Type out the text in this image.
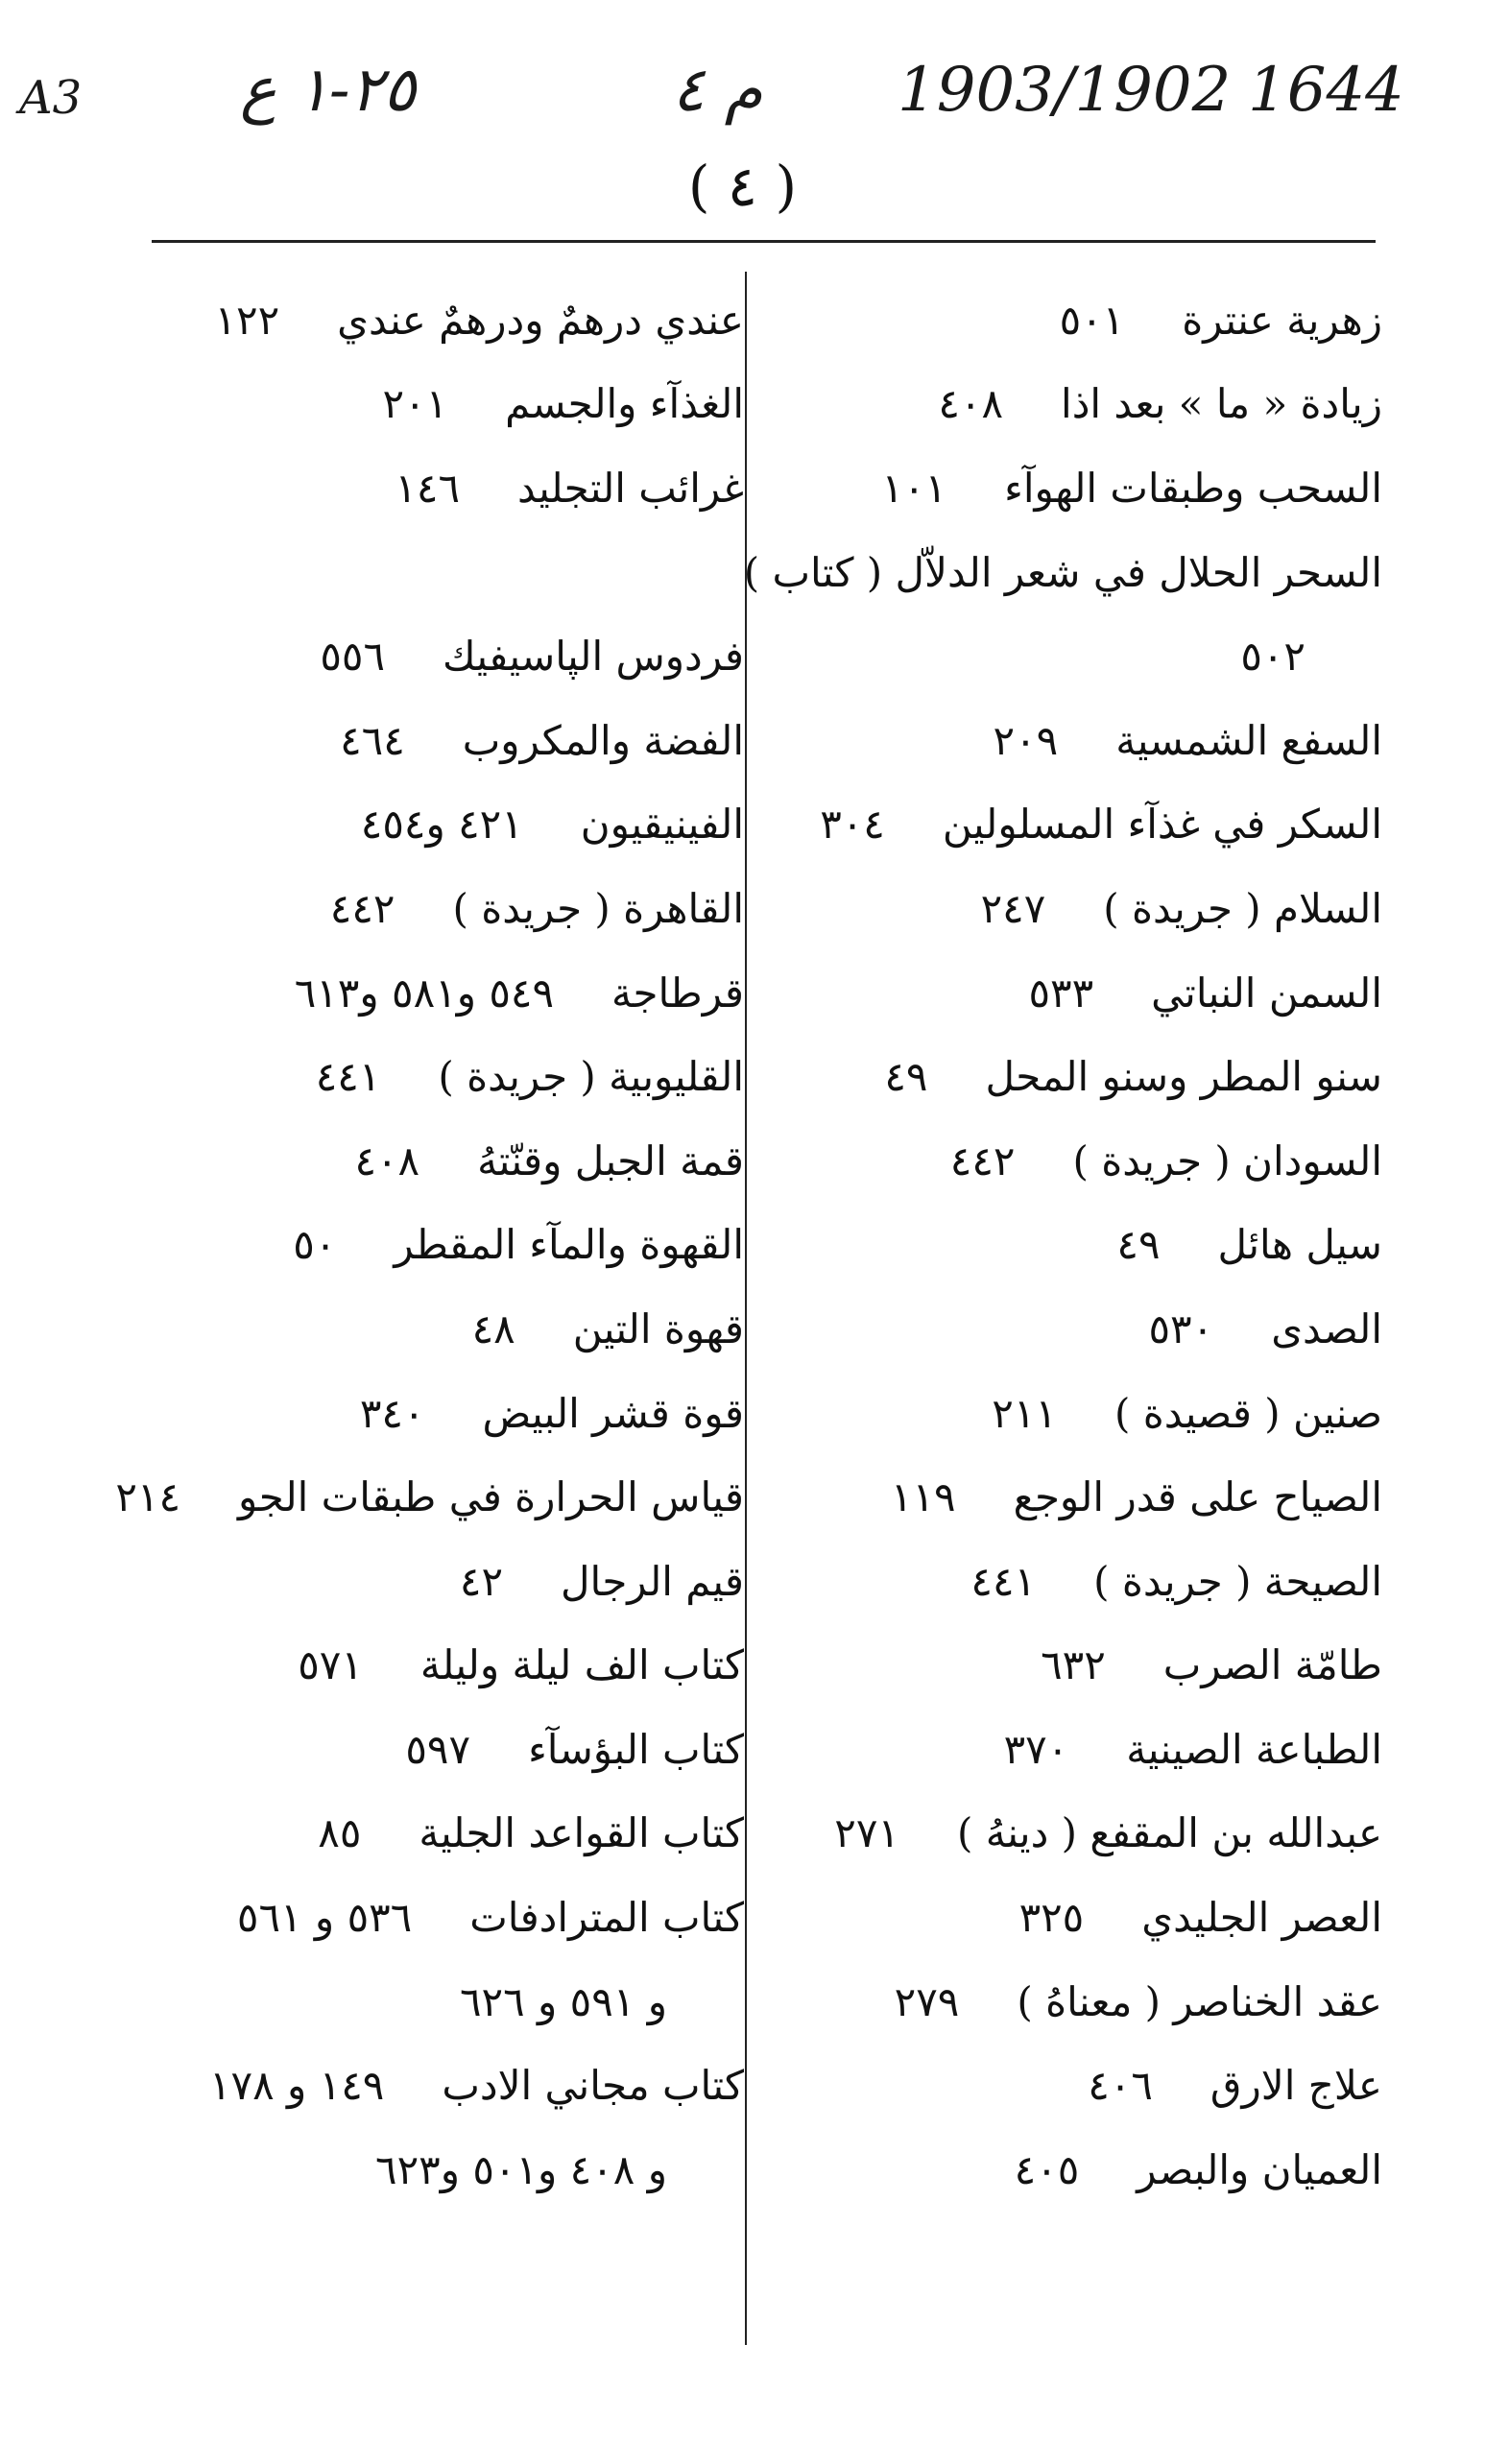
A3	٢٥-١ ع	م ٤ 1903/1902 1644
( ٤ )
زهرية عنترة
٥٠١
زيادة « ما » بعد اذا
٤٠٨
السحب وطبقات الهوآء
١٠١
السحر الحلال في شعر الدلاّل ( كتاب )
٥٠٢
السفع الشمسية
٢٠٩
السكر في غذآء المسلولين
٣٠٤
السلام ( جريدة )
٢٤٧
السمن النباتي
٥٣٣
سنو المطر وسنو المحل
٤٩
السودان ( جريدة )
٤٤٢
سيل هائل
٤٩
الصدى
٥٣٠
صنين ( قصيدة )
٢١١
الصياح على قدر الوجع
١١٩
الصيحة ( جريدة )
٤٤١
طامّة الصرب
٦٣٢
الطباعة الصينية
٣٧٠
عبدالله بن المقفع ( دينهُ )
٢٧١
العصر الجليدي
٣٢٥
عقد الخناصر ( معناهُ )
٢٧٩
علاج الارق
٤٠٦
العميان والبصر
٤٠٥
عندي درهمٌ ودرهمٌ عندي
١٢٢
الغذآء والجسم
٢٠١
غرائب التجليد
١٤٦
فردوس الپاسيفيك
٥٥٦
الفضة والمكروب
٤٦٤
الفينيقيون
٤٢١ و٤٥٤
القاهرة ( جريدة )
٤٤٢
قرطاجة
٥٤٩ و٥٨١ و٦١٣
القليوبية ( جريدة )
٤٤١
قمة الجبل وقنّتهُ
٤٠٨
القهوة والمآء المقطر
٥٠
قهوة التين
٤٨
قوة قشر البيض
٣٤٠
قياس الحرارة في طبقات الجو
٢١٤
قيم الرجال
٤٢
كتاب الف ليلة وليلة
٥٧١
كتاب البؤسآء
٥٩٧
كتاب القواعد الجلية
٨٥
كتاب المترادفات
٥٣٦ و ٥٦١
و ٥٩١ و ٦٢٦
كتاب مجاني الادب
١٤٩ و ١٧٨
و ٤٠٨ و٥٠١ و٦٢٣
